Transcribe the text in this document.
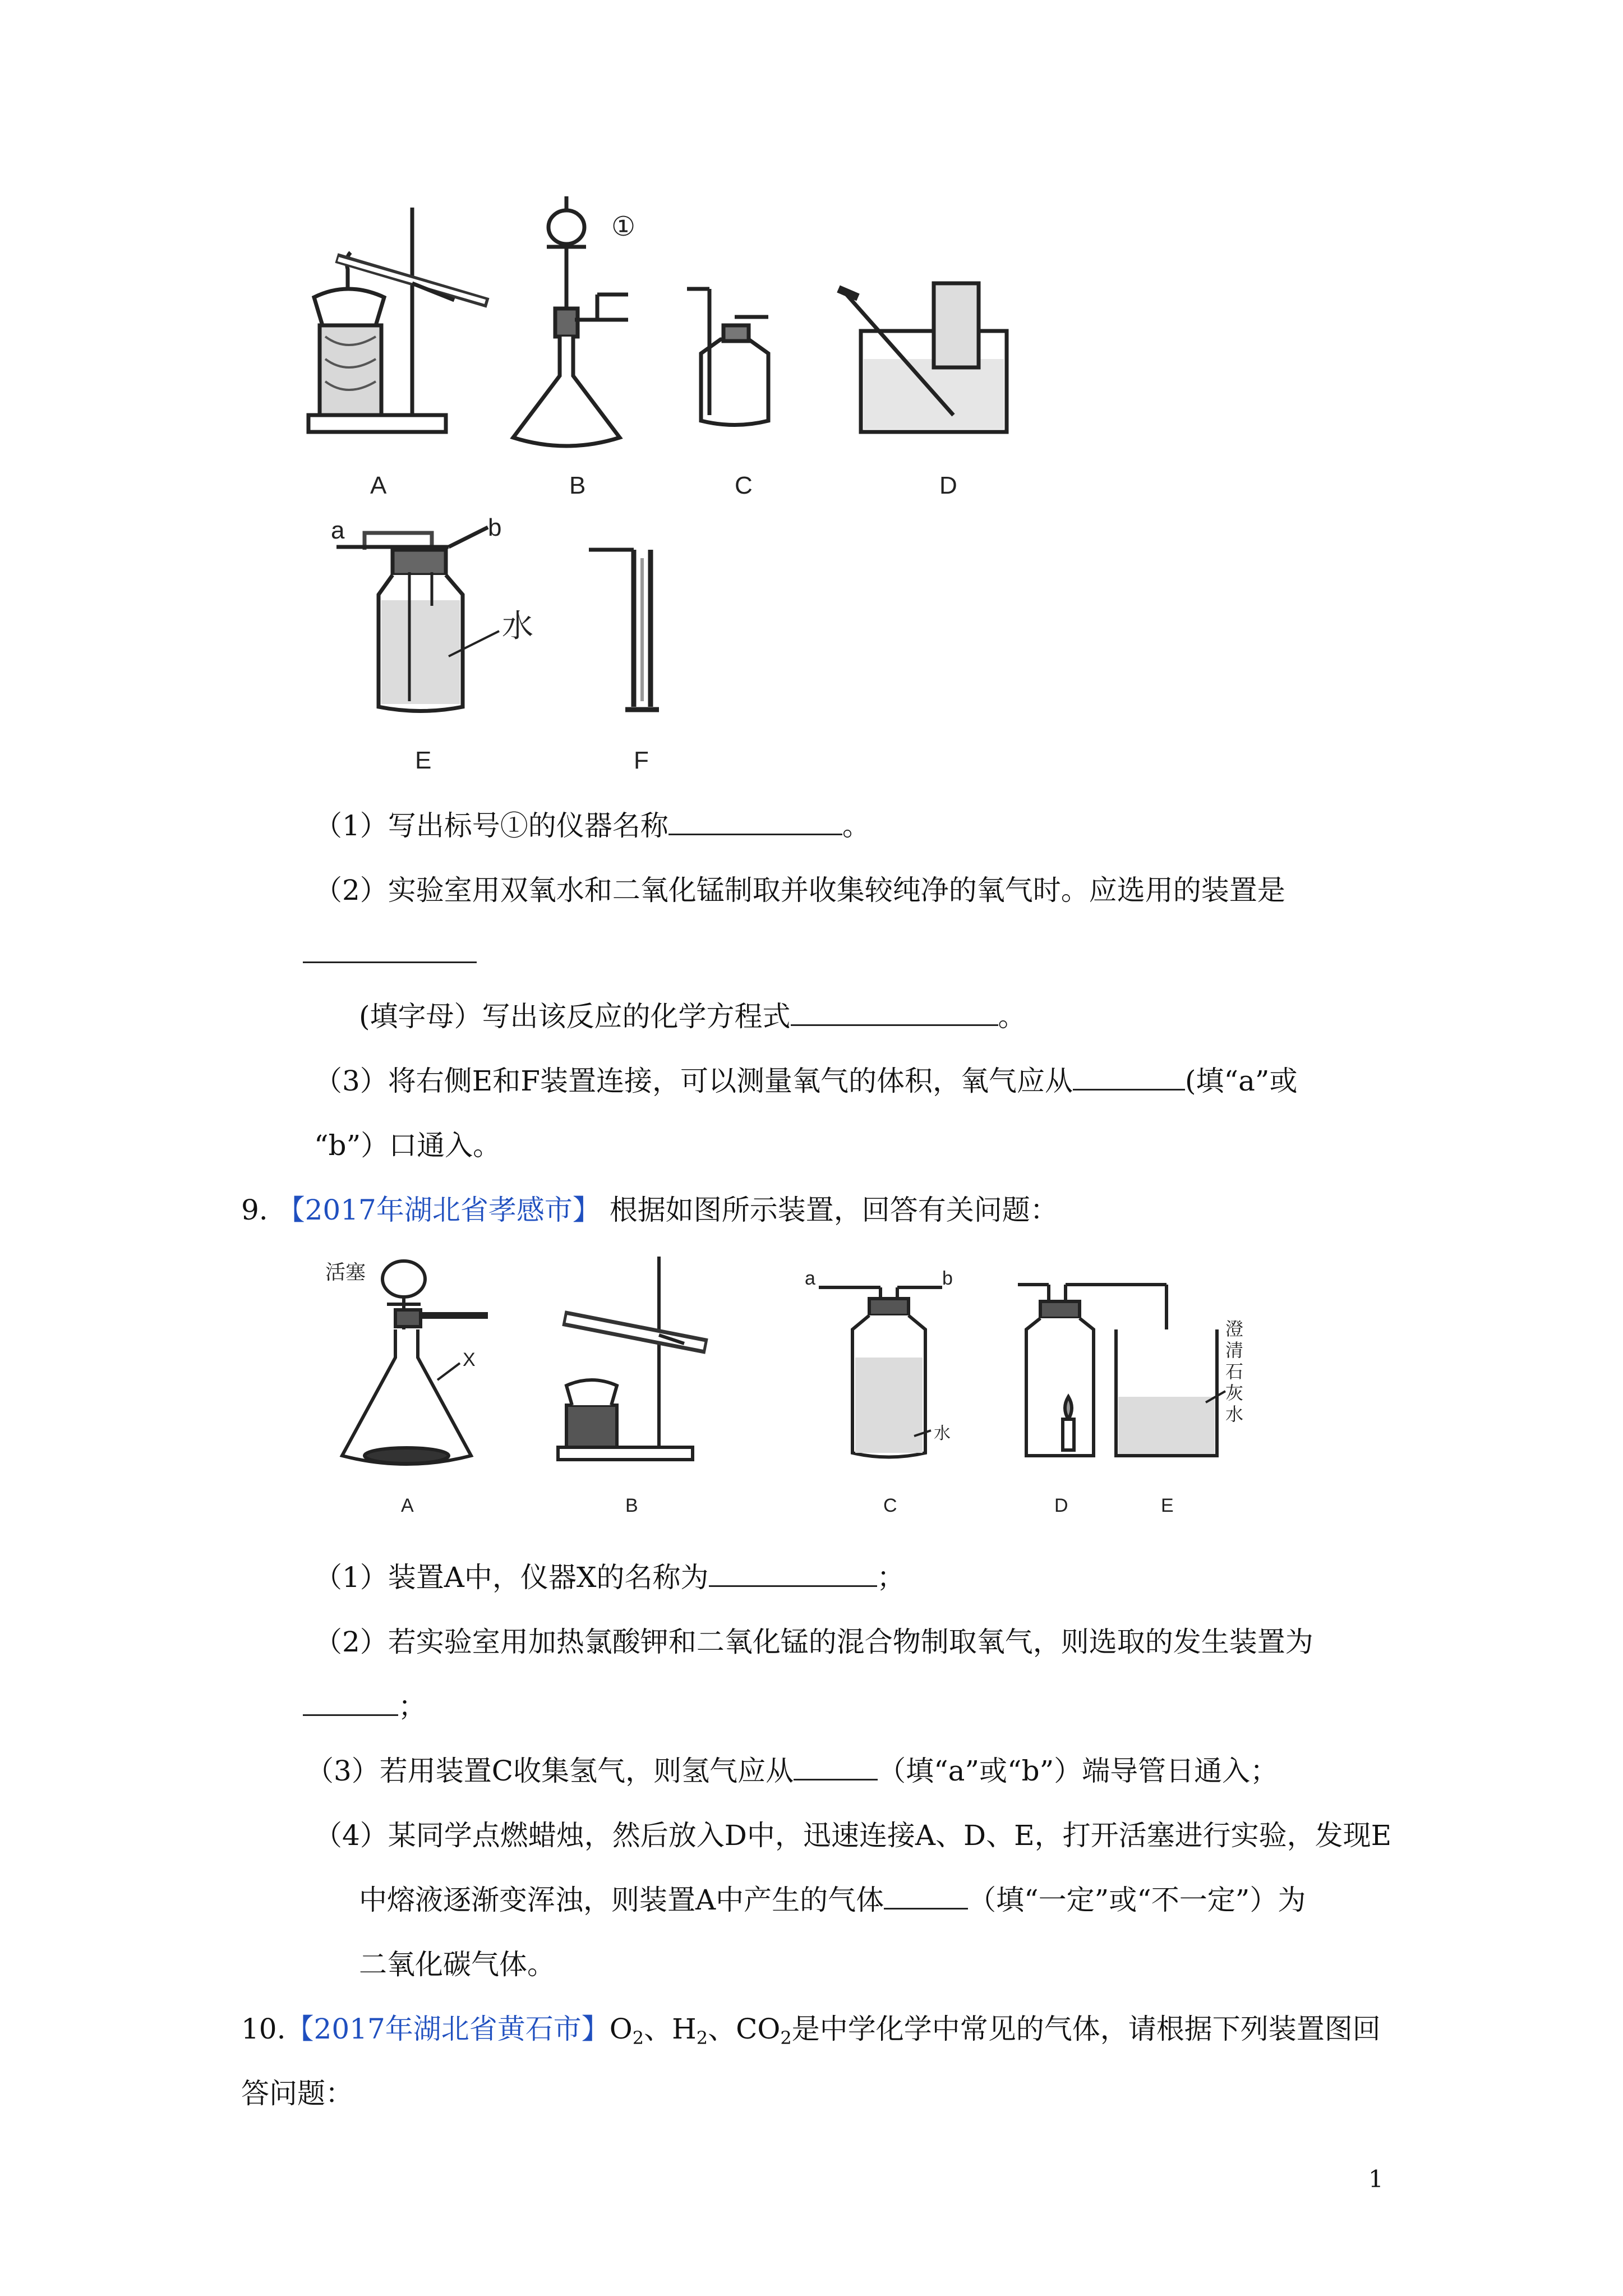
A	B	C	D
①
a	b
水
E	F
（1）写出标号①的仪器名称	。
（2）实验室用双氧水和二氧化锰制取并收集较纯净的氧气时。应选用的装置是
(填字母）写出该反应的化学方程式	。
（3）将右侧E和F装置连接，可以测量氧气的体积，氧气应从	(填“a”或
“b”）口通入。
9. 【2017年湖北省孝感市】 根据如图所示装置，回答有关问题：
活塞
X
a	b
水
澄
清
石
灰
水
A	B	C	D	E
（1）装置A中，仪器X的名称为	；
（2）若实验室用加热氯酸钾和二氧化锰的混合物制取氧气，则选取的发生装置为
；
（3）若用装置C收集氢气，则氢气应从	（填“a”或“b”）端导管日通入；
（4）某同学点燃蜡烛，然后放入D中，迅速连接A、D、E，打开活塞进行实验，发现E
中熔液逐渐变浑浊，则装置A中产生的气体	（填“一定”或“不一定”）为
二氧化碳气体。
10.【2017年湖北省黄石市】$O_2$、$H_2$、$CO_2$是中学化学中常见的气体，请根据下列装置图回
答问题：
1
